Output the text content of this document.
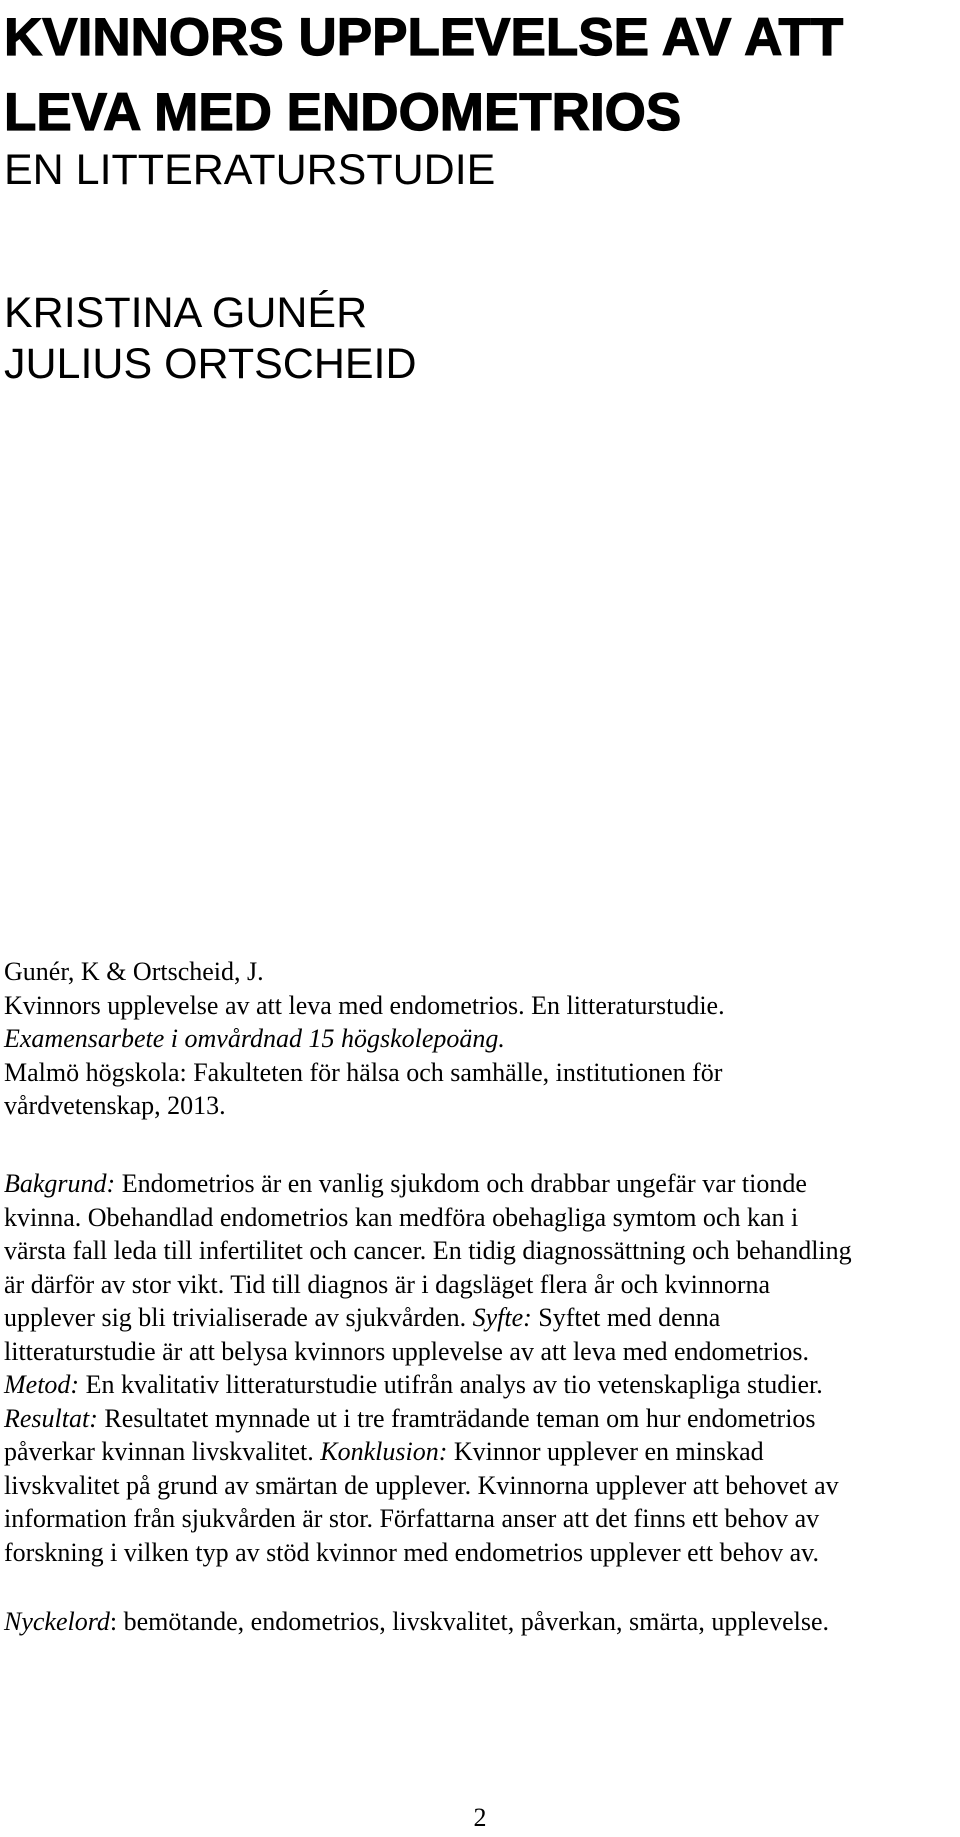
KVINNORS UPPLEVELSE AV ATT
LEVA MED ENDOMETRIOS
EN LITTERATURSTUDIE
KRISTINA GUNÉR
JULIUS ORTSCHEID
Gunér, K & Ortscheid, J.
Kvinnors upplevelse av att leva med endometrios. En litteraturstudie.
Examensarbete i omvårdnad 15 högskolepoäng.
Malmö högskola: Fakulteten för hälsa och samhälle, institutionen för
vårdvetenskap, 2013.
Bakgrund: Endometrios är en vanlig sjukdom och drabbar ungefär var tionde
kvinna. Obehandlad endometrios kan medföra obehagliga symtom och kan i
värsta fall leda till infertilitet och cancer. En tidig diagnossättning och behandling
är därför av stor vikt. Tid till diagnos är i dagsläget flera år och kvinnorna
upplever sig bli trivialiserade av sjukvården. Syfte: Syftet med denna
litteraturstudie är att belysa kvinnors upplevelse av att leva med endometrios.
Metod: En kvalitativ litteraturstudie utifrån analys av tio vetenskapliga studier.
Resultat: Resultatet mynnade ut i tre framträdande teman om hur endometrios
påverkar kvinnan livskvalitet. Konklusion: Kvinnor upplever en minskad
livskvalitet på grund av smärtan de upplever. Kvinnorna upplever att behovet av
information från sjukvården är stor. Författarna anser att det finns ett behov av
forskning i vilken typ av stöd kvinnor med endometrios upplever ett behov av.
Nyckelord: bemötande, endometrios, livskvalitet, påverkan, smärta, upplevelse.
2
